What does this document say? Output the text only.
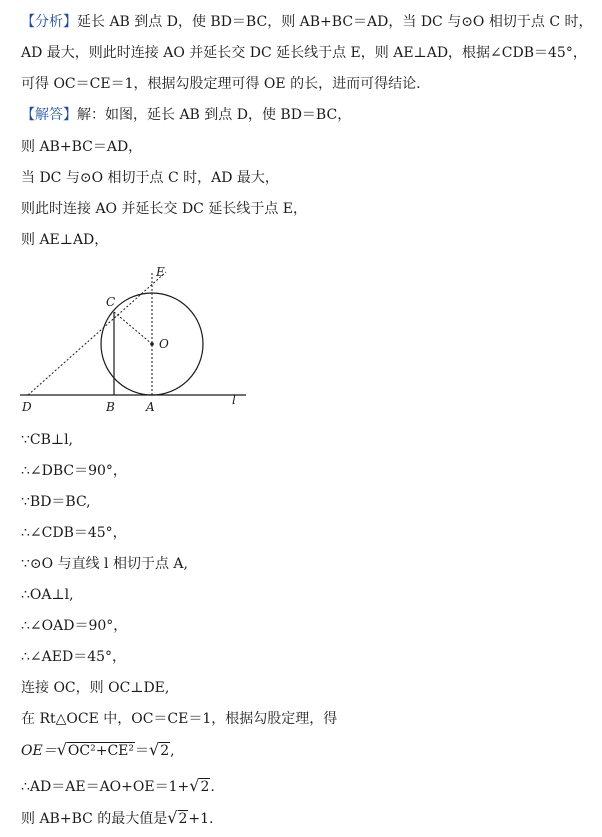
【分析】延长 AB 到点 D，使 BD＝BC，则 AB+BC＝AD，当 DC 与⊙O 相切于点 C 时，
AD 最大，则此时连接 AO 并延长交 DC 延长线于点 E，则 AE⊥AD，根据∠CDB＝45°，
可得 OC＝CE＝1，根据勾股定理可得 OE 的长，进而可得结论.
【解答】解：如图，延长 AB 到点 D，使 BD＝BC，
则 AB+BC＝AD，
当 DC 与⊙O 相切于点 C 时，AD 最大，
则此时连接 AO 并延长交 DC 延长线于点 E，
则 AE⊥AD，
E
C
O
D	B	A	l
∵CB⊥l,
∴∠DBC＝90°，
∵BD＝BC,
∴∠CDB＝45°，
∵⊙O 与直线 l 相切于点 A,
∴OA⊥l,
∴∠OAD＝90°，
∴∠AED＝45°，
连接 OC，则 OC⊥DE,
在 Rt△OCE 中，OC＝CE＝1，根据勾股定理，得
OE＝√OC²+CE²＝√2,
∴AD＝AE＝AO+OE＝1+√2.
则 AB+BC 的最大值是√2+1.
